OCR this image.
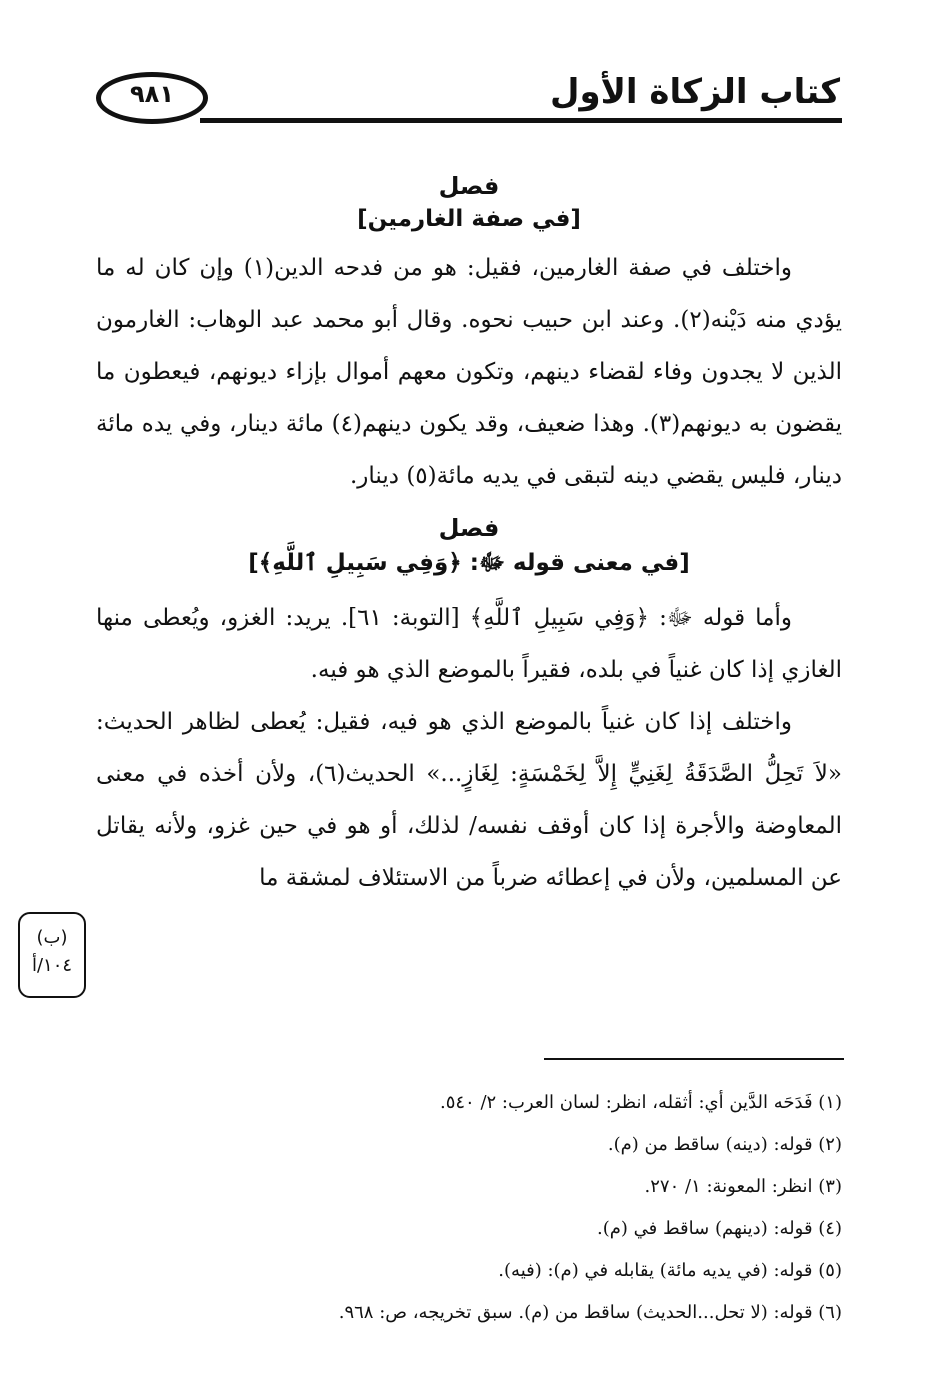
كتاب الزكاة الأول
٩٨١
فصل
[في صفة الغارمين]

واختلف في صفة الغارمين، فقيل: هو من فدحه الدين(١) وإن كان له ما يؤدي منه دَيْنه(٢). وعند ابن حبيب نحوه. وقال أبو محمد عبد الوهاب: الغارمون الذين لا يجدون وفاء لقضاء دينهم، وتكون معهم أموال بإزاء ديونهم، فيعطون ما يقضون به ديونهم(٣). وهذا ضعيف، وقد يكون دينهم(٤) مائة دينار، وفي يده مائة دينار، فليس يقضي دينه لتبقى في يديه مائة(٥) دينار.

فصل
[في معنى قوله ﷻ: ﴿وَفِي سَبِيلِ ٱللَّهِ﴾]

وأما قوله ﷻ: ﴿وَفِي سَبِيلِ ٱللَّهِ﴾ [التوبة: ٦١]. يريد: الغزو، ويُعطى منها الغازي إذا كان غنياً في بلده، فقيراً بالموضع الذي هو فيه.

واختلف إذا كان غنياً بالموضع الذي هو فيه، فقيل: يُعطى لظاهر الحديث: «لاَ تَحِلُّ الصَّدَقَةُ لِغَنِيٍّ إِلاَّ لِخَمْسَةٍ: لِغَازٍ...» الحديث(٦)، ولأن أخذه في معنى المعاوضة والأجرة إذا كان أوقف نفسه/ لذلك، أو هو في حين غزو، ولأنه يقاتل عن المسلمين، ولأن في إعطائه ضرباً من الاستئلاف لمشقة ما

(ب)
١٠٤/أ

(١) فَدَحَه الدَّين أي: أثقله، انظر: لسان العرب: ٢/ ٥٤٠.

(٢) قوله: (دينه) ساقط من (م).

(٣) انظر: المعونة: ١/ ٢٧٠.

(٤) قوله: (دينهم) ساقط في (م).

(٥) قوله: (في يديه مائة) يقابله في (م): (فيه).

(٦) قوله: (لا تحل...الحديث) ساقط من (م). سبق تخريجه، ص: ٩٦٨.
